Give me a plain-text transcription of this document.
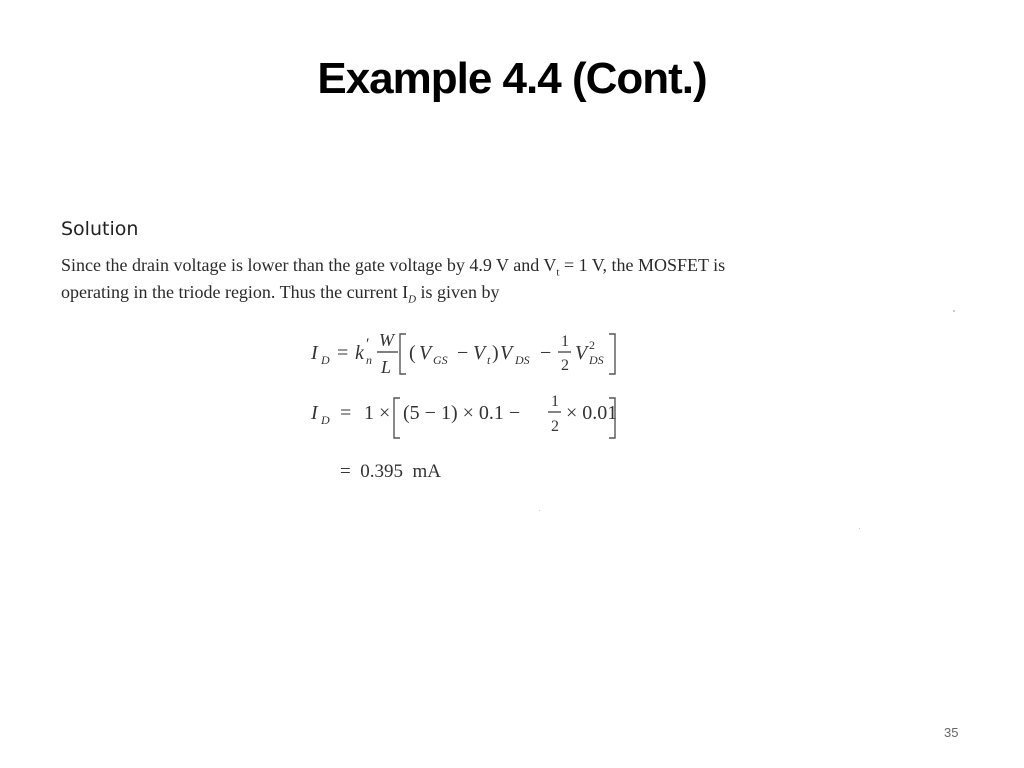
Example 4.4 (Cont.)
Solution
Since the drain voltage is lower than the gate voltage by 4.9 V and $V_t = 1$ V, the MOSFET is
operating in the triode region. Thus the current $I_D$ is given by
I D = k n
′ W
L
( V GS − V t ) V DS −
1
2
V 2
DS
I D = 1 × (5 − 1) × 0.1 −
1
2
× 0.01
=  0.395  mA
35
